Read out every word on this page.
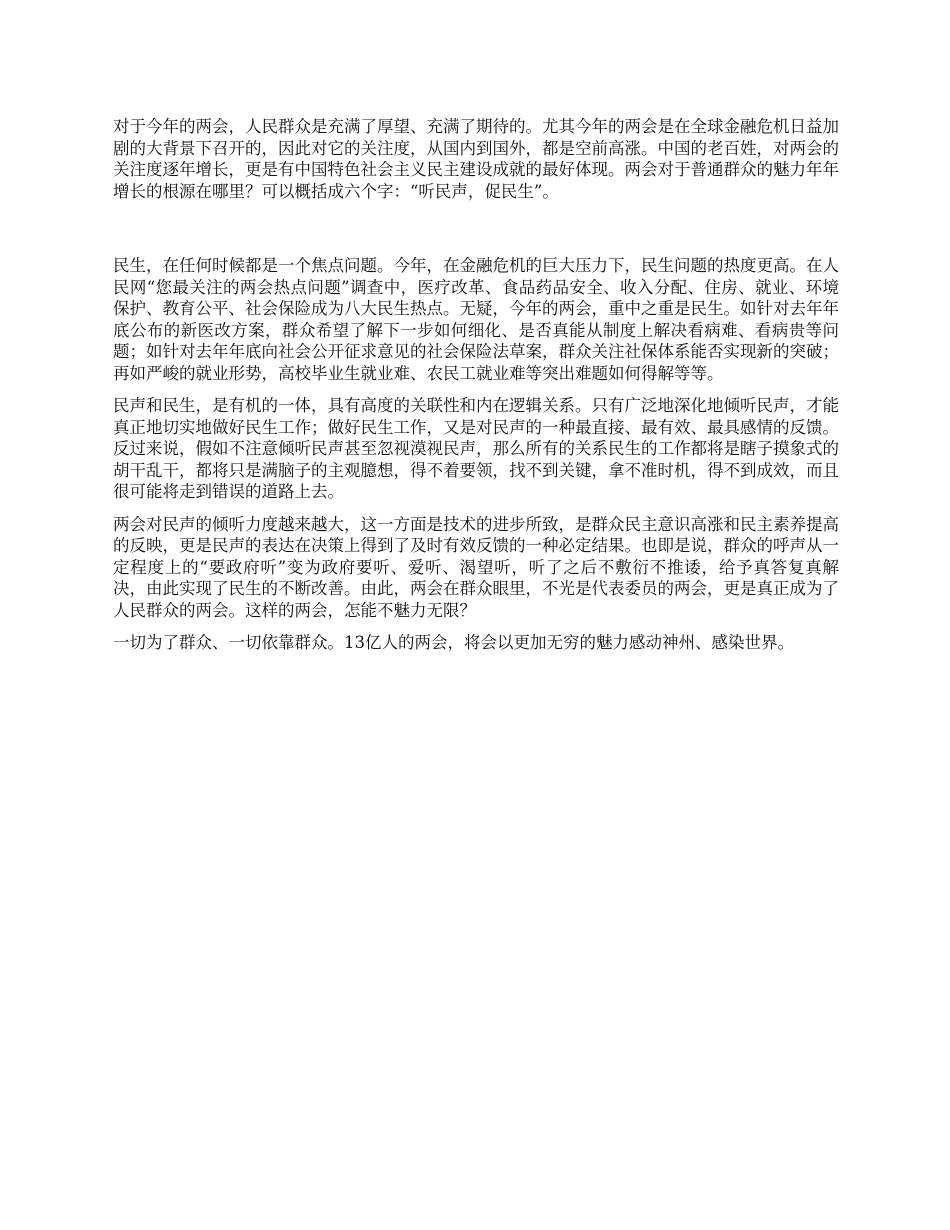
对于今年的两会，人民群众是充满了厚望、充满了期待的。尤其今年的两会是在全球金融危机日益加剧的大背景下召开的，因此对它的关注度，从国内到国外，都是空前高涨。中国的老百姓，对两会的关注度逐年增长，更是有中国特色社会主义民主建设成就的最好体现。两会对于普通群众的魅力年年增长的根源在哪里？可以概括成六个字：“听民声，促民生”。

民生，在任何时候都是一个焦点问题。今年，在金融危机的巨大压力下，民生问题的热度更高。在人民网“您最关注的两会热点问题”调查中，医疗改革、食品药品安全、收入分配、住房、就业、环境保护、教育公平、社会保险成为八大民生热点。无疑，今年的两会，重中之重是民生。如针对去年年底公布的新医改方案，群众希望了解下一步如何细化、是否真能从制度上解决看病难、看病贵等问题；如针对去年年底向社会公开征求意见的社会保险法草案，群众关注社保体系能否实现新的突破；再如严峻的就业形势，高校毕业生就业难、农民工就业难等突出难题如何得解等等。

民声和民生，是有机的一体，具有高度的关联性和内在逻辑关系。只有广泛地深化地倾听民声，才能真正地切实地做好民生工作；做好民生工作，又是对民声的一种最直接、最有效、最具感情的反馈。反过来说，假如不注意倾听民声甚至忽视漠视民声，那么所有的关系民生的工作都将是瞎子摸象式的胡干乱干，都将只是满脑子的主观臆想，得不着要领，找不到关键，拿不准时机，得不到成效，而且很可能将走到错误的道路上去。

两会对民声的倾听力度越来越大，这一方面是技术的进步所致，是群众民主意识高涨和民主素养提高的反映，更是民声的表达在决策上得到了及时有效反馈的一种必定结果。也即是说，群众的呼声从一定程度上的“要政府听”变为政府要听、爱听、渴望听，听了之后不敷衍不推诿，给予真答复真解决，由此实现了民生的不断改善。由此，两会在群众眼里，不光是代表委员的两会，更是真正成为了人民群众的两会。这样的两会，怎能不魅力无限？

一切为了群众、一切依靠群众。13亿人的两会，将会以更加无穷的魅力感动神州、感染世界。
